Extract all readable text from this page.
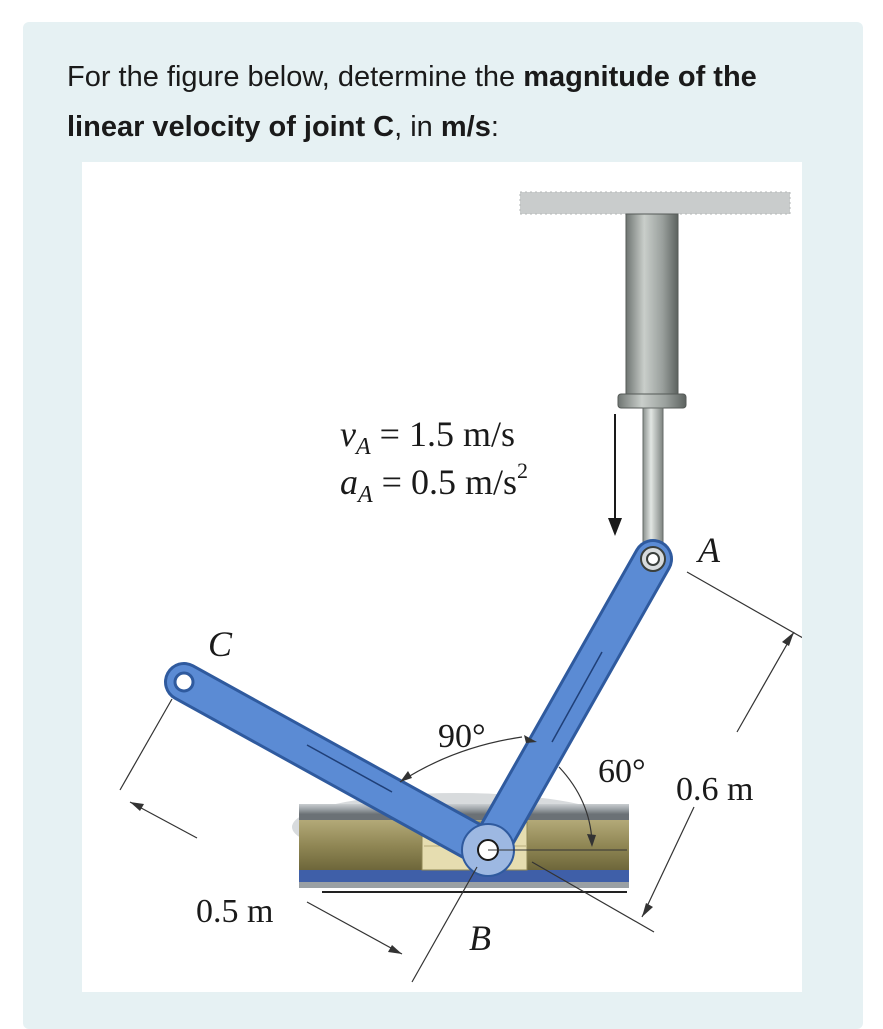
For the figure below, determine the magnitude of the linear velocity of joint C, in m/s:
$v_A = 1.5$ m/s
$a_A = 0.5$ $m/s^2$
A
B
C
90°
60° 0.6 m
0.5 m
